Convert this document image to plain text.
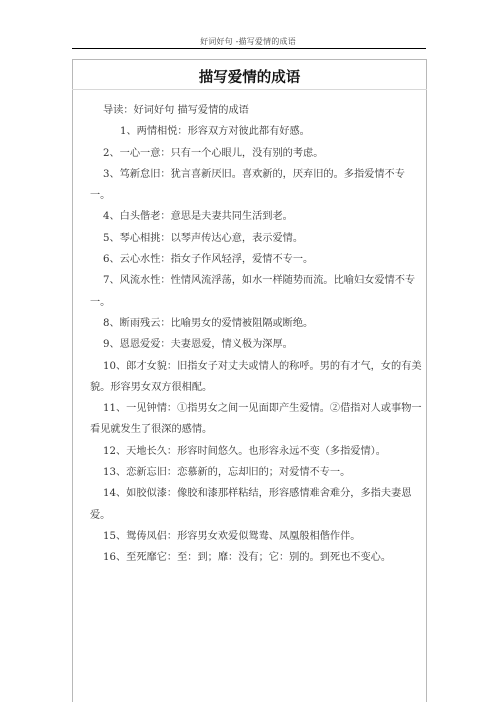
好词好句 -描写爱情的成语
描写爱情的成语

导读：好词好句 描写爱情的成语

1、两情相悦：形容双方对彼此都有好感。

2、一心一意：只有一个心眼儿，没有别的考虑。

3、笃新怠旧：犹言喜新厌旧。喜欢新的，厌弃旧的。多指爱情不专一。

4、白头偕老：意思是夫妻共同生活到老。

5、琴心相挑：以琴声传达心意，表示爱情。

6、云心水性：指女子作风轻浮，爱情不专一。

7、风流水性：性情风流浮荡，如水一样随势而流。比喻妇女爱情不专一。

8、断雨残云：比喻男女的爱情被阻隔或断绝。

9、恩恩爱爱：夫妻恩爱，情义极为深厚。

10、郎才女貌：旧指女子对丈夫或情人的称呼。男的有才气，女的有美貌。形容男女双方很相配。

11、一见钟情：①指男女之间一见面即产生爱情。②借指对人或事物一看见就发生了很深的感情。

12、天地长久：形容时间悠久。也形容永远不变（多指爱情）。

13、恋新忘旧：恋慕新的，忘却旧的；对爱情不专一。

14、如胶似漆：像胶和漆那样粘结，形容感情难舍难分，多指夫妻恩爱。

15、鸳俦凤侣：形容男女欢爱似鸳鸯、凤凰般相偕作伴。

16、至死靡它：至：到；靡：没有；它：别的。到死也不变心。
